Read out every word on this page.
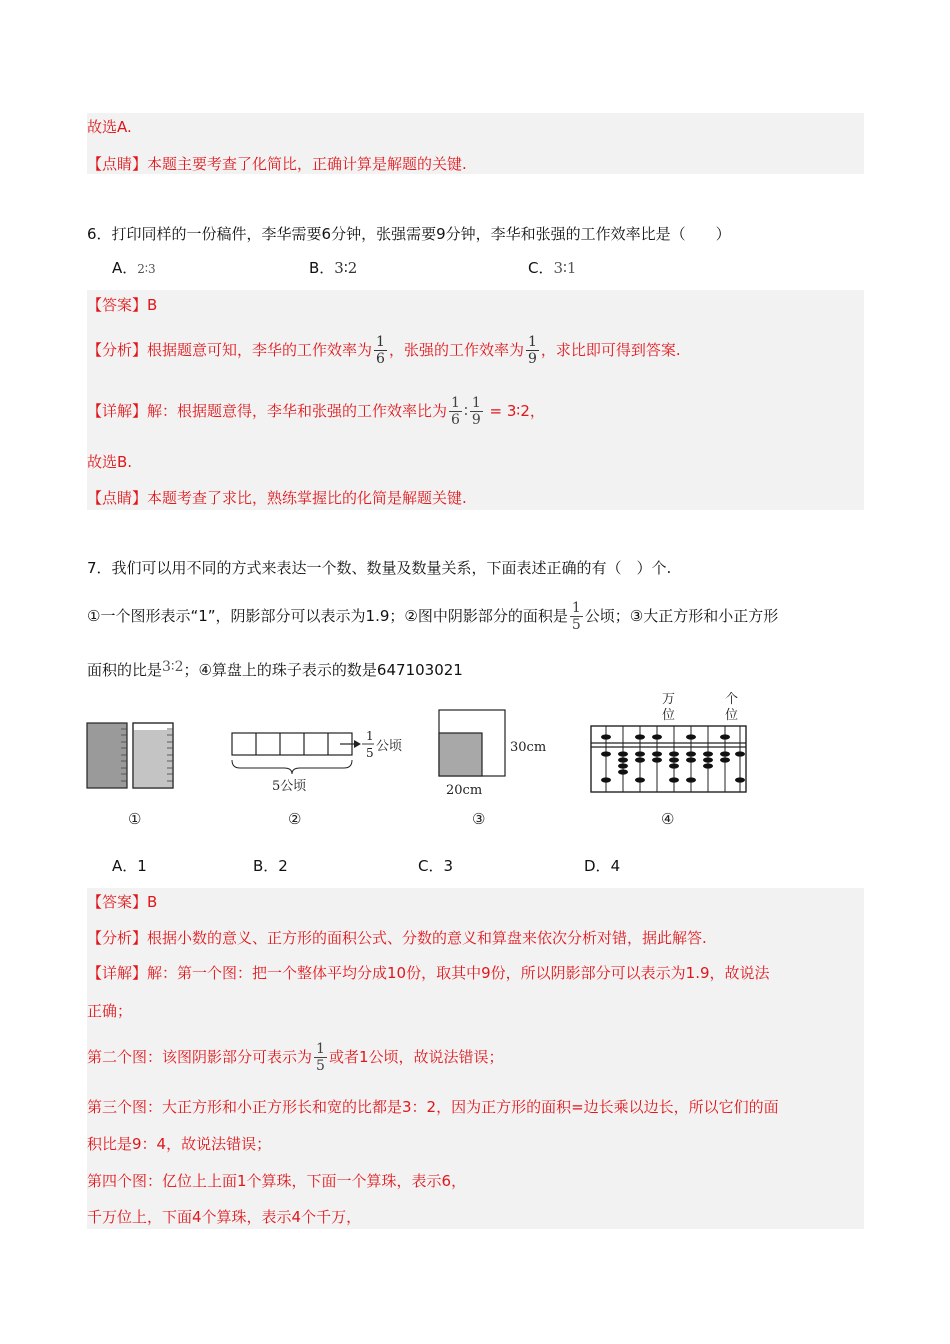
故选A.
【点睛】本题主要考查了化简比，正确计算是解题的关键.
6．打印同样的一份稿件，李华需要6分钟，张强需要9分钟，李华和张强的工作效率比是（　　）
A．2∶3	B．3∶2	C．3∶1
【答案】B
【分析】根据题意可知，李华的工作效率为 $\frac{1}{6}$ ，张强的工作效率为 $\frac{1}{9}$ ，求比即可得到答案.
【详解】解：根据题意得，李华和张强的工作效率比为 $\frac{1}{6}$ ∶ $\frac{1}{9}$ = 3∶2，
故选B.
【点睛】本题考查了求比，熟练掌握比的化简是解题关键.
7．我们可以用不同的方式来表达一个数、数量及数量关系，下面表述正确的有（　）个.
①一个图形表示“1”，阴影部分可以表示为1.9；②图中阴影部分的面积是 $\frac{1}{5}$ 公顷；③大正方形和小正方形
面积的比是3∶2；④算盘上的珠子表示的数是647103021
1
5 公顷
5公顷
30cm
20cm
万
位
个
位
①	②	③	④
A．1	B．2	C．3	D．4
【答案】B
【分析】根据小数的意义、正方形的面积公式、分数的意义和算盘来依次分析对错，据此解答.
【详解】解：第一个图：把一个整体平均分成10份，取其中9份，所以阴影部分可以表示为1.9，故说法
正确；
第二个图：该图阴影部分可表示为 $\frac{1}{5}$ 或者1公顷，故说法错误；
第三个图：大正方形和小正方形长和宽的比都是3：2，因为正方形的面积=边长乘以边长，所以它们的面
积比是9：4，故说法错误；
第四个图：亿位上上面1个算珠，下面一个算珠，表示6，
千万位上，下面4个算珠，表示4个千万，
